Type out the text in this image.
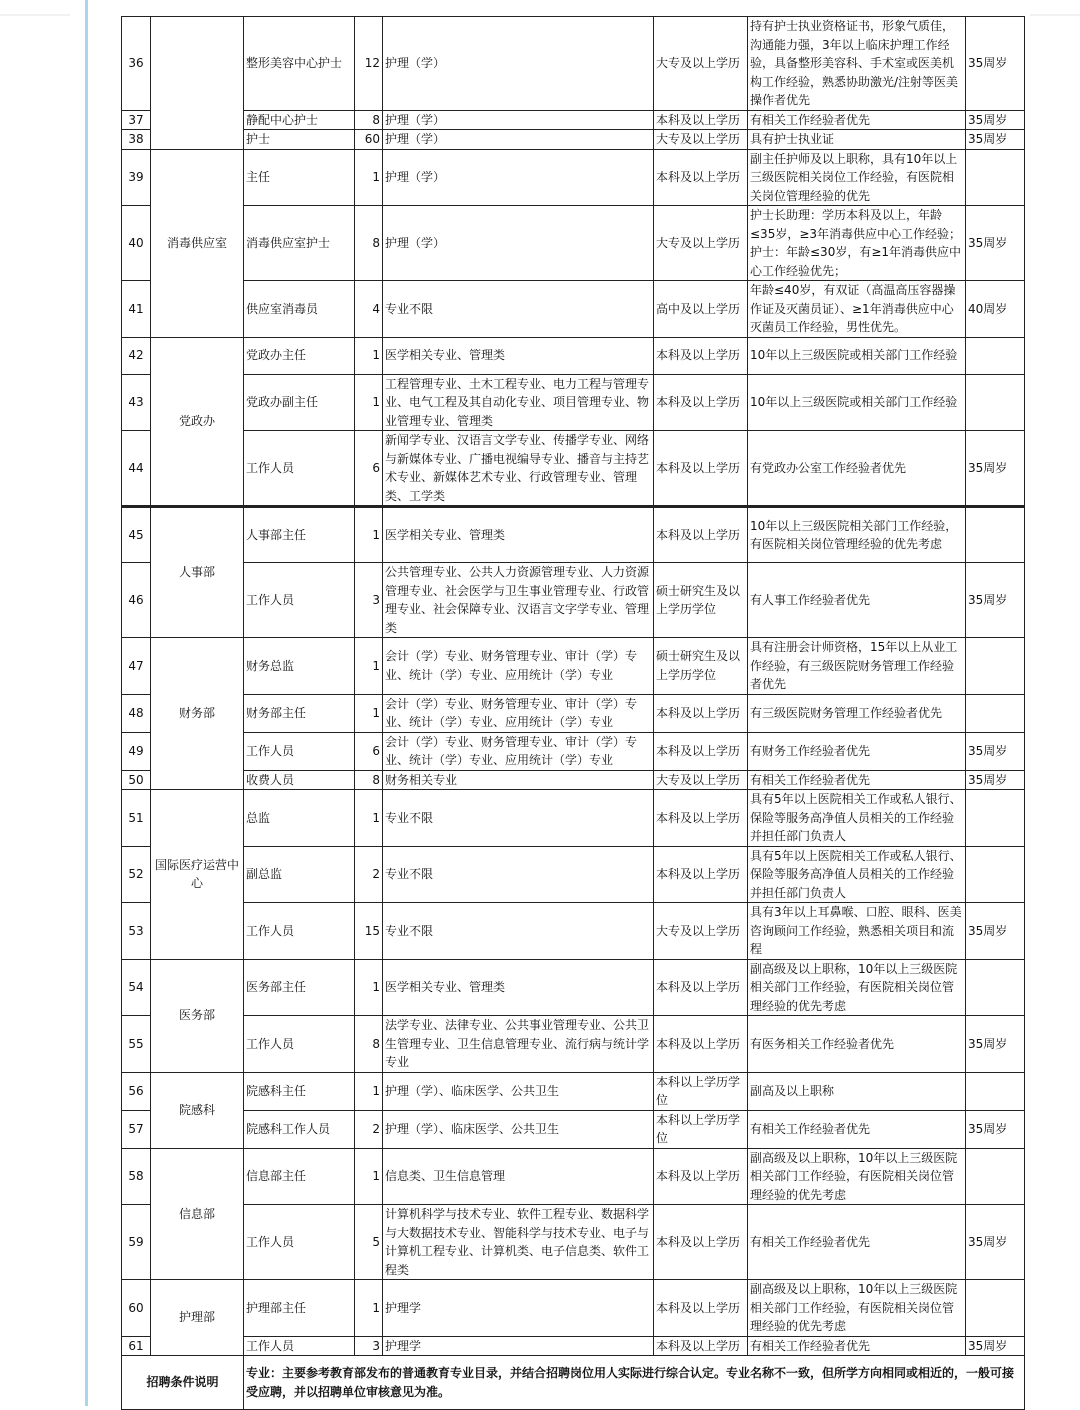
36		整形美容中心护士	12	护理（学）	大专及以上学历	持有护士执业资格证书，形象气质佳，沟通能力强，3年以上临床护理工作经验，具备整形美容科、手术室或医美机构工作经验，熟悉协助激光/注射等医美操作者优先	35周岁
37		静配中心护士	8	护理（学）	本科及以上学历	有相关工作经验者优先	35周岁
38		护士	60	护理（学）	大专及以上学历	具有护士执业证	35周岁
39	消毒供应室	主任	1	护理（学）	本科及以上学历	副主任护师及以上职称，具有10年以上三级医院相关岗位工作经验，有医院相关岗位管理经验的优先	
40		消毒供应室护士	8	护理（学）	大专及以上学历	护士长助理：学历本科及以上，年龄≤35岁，≥3年消毒供应中心工作经验；护士：年龄≤30岁，有≥1年消毒供应中心工作经验优先；	35周岁
41		供应室消毒员	4	专业不限	高中及以上学历	年龄≤40岁，有双证（高温高压容器操作证及灭菌员证）、≥1年消毒供应中心灭菌员工作经验，男性优先。	40周岁
42	党政办	党政办主任	1	医学相关专业、管理类	本科及以上学历	10年以上三级医院或相关部门工作经验	
43		党政办副主任	1	工程管理专业、土木工程专业、电力工程与管理专业、电气工程及其自动化专业、项目管理专业、物业管理专业、管理类	本科及以上学历	10年以上三级医院或相关部门工作经验	
44		工作人员	6	新闻学专业、汉语言文学专业、传播学专业、网络与新媒体专业、广播电视编导专业、播音与主持艺术专业、新媒体艺术专业、行政管理专业、管理类、工学类	本科及以上学历	有党政办公室工作经验者优先	35周岁
45	人事部	人事部主任	1	医学相关专业、管理类	本科及以上学历	10年以上三级医院相关部门工作经验，有医院相关岗位管理经验的优先考虑	
46		工作人员	3	公共管理专业、公共人力资源管理专业、人力资源管理专业、社会医学与卫生事业管理专业、行政管理专业、社会保障专业、汉语言文字学专业、管理类	硕士研究生及以上学历学位	有人事工作经验者优先	35周岁
47	财务部	财务总监	1	会计（学）专业、财务管理专业、审计（学）专业、统计（学）专业、应用统计（学）专业	硕士研究生及以上学历学位	具有注册会计师资格，15年以上从业工作经验，有三级医院财务管理工作经验者优先	
48		财务部主任	1	会计（学）专业、财务管理专业、审计（学）专业、统计（学）专业、应用统计（学）专业	本科及以上学历	有三级医院财务管理工作经验者优先	
49		工作人员	6	会计（学）专业、财务管理专业、审计（学）专业、统计（学）专业、应用统计（学）专业	本科及以上学历	有财务工作经验者优先	35周岁
50		收费人员	8	财务相关专业	大专及以上学历	有相关工作经验者优先	35周岁
51	国际医疗运营中心	总监	1	专业不限	本科及以上学历	具有5年以上医院相关工作或私人银行、保险等服务高净值人员相关的工作经验并担任部门负责人	
52		副总监	2	专业不限	本科及以上学历	具有5年以上医院相关工作或私人银行、保险等服务高净值人员相关的工作经验并担任部门负责人	
53		工作人员	15	专业不限	大专及以上学历	具有3年以上耳鼻喉、口腔、眼科、医美咨询顾问工作经验，熟悉相关项目和流程	35周岁
54	医务部	医务部主任	1	医学相关专业、管理类	本科及以上学历	副高级及以上职称，10年以上三级医院相关部门工作经验，有医院相关岗位管理经验的优先考虑	
55		工作人员	8	法学专业、法律专业、公共事业管理专业、公共卫生管理专业、卫生信息管理专业、流行病与统计学专业	本科及以上学历	有医务相关工作经验者优先	35周岁
56	院感科	院感科主任	1	护理（学）、临床医学、公共卫生	本科以上学历学位	副高及以上职称	
57		院感科工作人员	2	护理（学）、临床医学、公共卫生	本科以上学历学位	有相关工作经验者优先	35周岁
58	信息部	信息部主任	1	信息类、卫生信息管理	本科及以上学历	副高级及以上职称，10年以上三级医院相关部门工作经验，有医院相关岗位管理经验的优先考虑	
59		工作人员	5	计算机科学与技术专业、软件工程专业、数据科学与大数据技术专业、智能科学与技术专业、电子与计算机工程专业、计算机类、电子信息类、软件工程类	本科及以上学历	有相关工作经验者优先	35周岁
60	护理部	护理部主任	1	护理学	本科及以上学历	副高级及以上职称，10年以上三级医院相关部门工作经验，有医院相关岗位管理经验的优先考虑	
61		工作人员	3	护理学	本科及以上学历	有相关工作经验者优先	35周岁
招聘条件说明		专业：主要参考教育部发布的普通教育专业目录，并结合招聘岗位用人实际进行综合认定。专业名称不一致，但所学方向相同或相近的，一般可接受应聘，并以招聘单位审核意见为准。					
